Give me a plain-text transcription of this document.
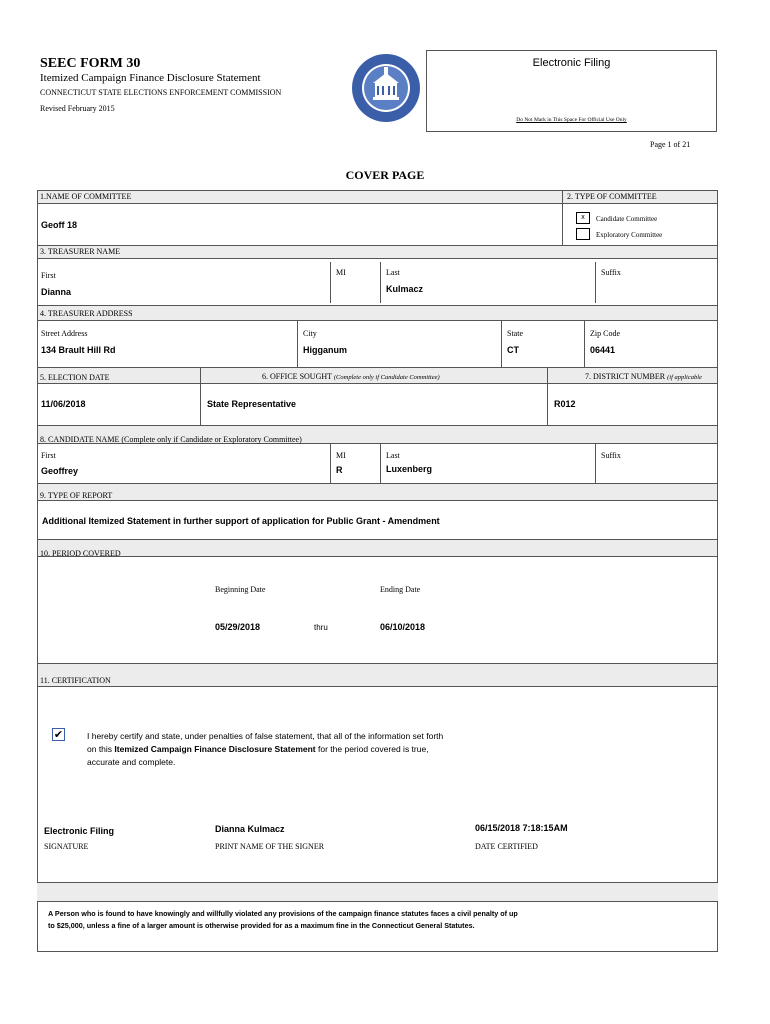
SEEC FORM 30
Itemized Campaign Finance Disclosure Statement
CONNECTICUT STATE ELECTIONS ENFORCEMENT COMMISSION
Revised February 2015
Electronic Filing
Do Not Mark in This Space For Official Use Only
Page 1 of 21
COVER PAGE
1.NAME OF COMMITTEE	2. TYPE OF COMMITTEE
Geoff 18
x	Candidate Committee
Exploratory Committee
3. TREASURER NAME
First
Dianna
MI	Last
Kulmacz
Suffix
4. TREASURER ADDRESS
Street Address
134 Brault Hill Rd
City
Higganum
State
CT
Zip Code
06441
5. ELECTION DATE	6. OFFICE SOUGHT (Complete only if Candidate Committee)	7. DISTRICT NUMBER (if applicable
11/06/2018	State Representative	R012
8. CANDIDATE NAME (Complete only if Candidate or Exploratory Committee)
First
Geoffrey
MI
R
Last
Luxenberg
Suffix
9. TYPE OF REPORT
Additional Itemized Statement in further support of application for Public Grant - Amendment
10. PERIOD COVERED
Beginning Date
05/29/2018	thru
Ending Date
06/10/2018
11. CERTIFICATION
✔	I hereby certify and state, under penalties of false statement, that all of the information set forth
on this Itemized Campaign Finance Disclosure Statement for the period covered is true,
accurate and complete.
Electronic Filing
SIGNATURE
Dianna Kulmacz
PRINT NAME OF THE SIGNER
06/15/2018 7:18:15AM
DATE CERTIFIED
A Person who is found to have knowingly and willfully violated any provisions of the campaign finance statutes faces a civil penalty of up
to $25,000, unless a fine of a larger amount is otherwise provided for as a maximum fine in the Connecticut General Statutes.
